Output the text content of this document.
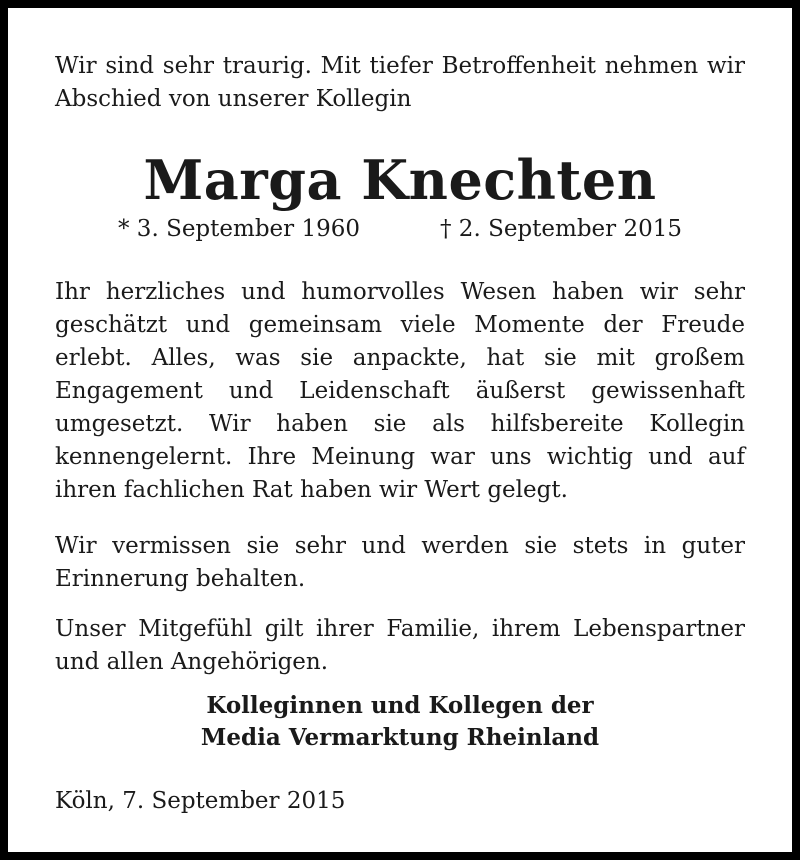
Wir sind sehr traurig. Mit tiefer Betroffenheit nehmen wir Abschied von unserer Kollegin
Marga Knechten
* 3. September 1960	† 2. September 2015
Ihr herzliches und humorvolles Wesen haben wir sehr geschätzt und gemeinsam viele Momente der Freude erlebt. Alles, was sie anpackte, hat sie mit großem Engagement und Leidenschaft äußerst gewissenhaft umgesetzt. Wir haben sie als hilfsbereite Kollegin kennengelernt. Ihre Meinung war uns wichtig und auf ihren fachlichen Rat haben wir Wert gelegt.
Wir vermissen sie sehr und werden sie stets in guter Erinnerung behalten.
Unser Mitgefühl gilt ihrer Familie, ihrem Lebenspartner und allen Angehörigen.
Kolleginnen und Kollegen der
Media Vermarktung Rheinland
Köln, 7. September 2015
